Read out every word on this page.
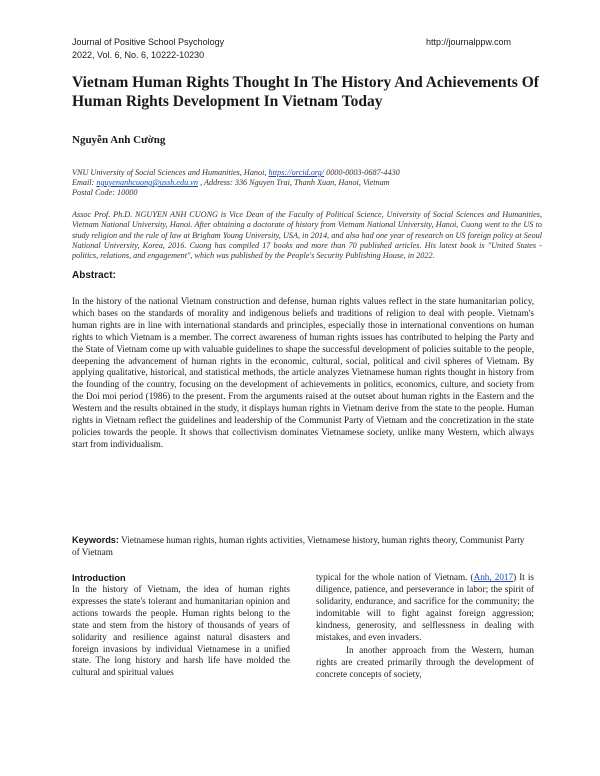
Journal of Positive School Psychology
2022, Vol. 6, No. 6, 10222-10230
http://journalppw.com
Vietnam Human Rights Thought In The History And Achievements Of Human Rights Development In Vietnam Today
Nguyễn Anh Cường
VNU University of Social Sciences and Humanities, Hanoi, https://orcid.org/ 0000-0003-0687-4430
Email: nguyenanhcuong@ussh.edu.vn , Address: 336 Nguyen Trai, Thanh Xuan, Hanoi, Vietnam
Postal Code: 10000
Assoc Prof. Ph.D. NGUYEN ANH CUONG is Vice Dean of the Faculty of Political Science, University of Social Sciences and Humanities, Vietnam National University, Hanoi. After obtaining a doctorate of history from Vietnam National University, Hanoi, Cuong went to the US to study religion and the rule of law at Brigham Young University, USA, in 2014, and also had one year of research on US foreign policy at Seoul National University, Korea, 2016. Cuong has compiled 17 books and more than 70 published articles. His latest book is "United States - politics, relations, and engagement", which was published by the People's Security Publishing House, in 2022.
Abstract:
In the history of the national Vietnam construction and defense, human rights values reflect in the state humanitarian policy, which bases on the standards of morality and indigenous beliefs and traditions of religion to deal with people. Vietnam's human rights are in line with international standards and principles, especially those in international conventions on human rights to which Vietnam is a member. The correct awareness of human rights issues has contributed to helping the Party and the State of Vietnam come up with valuable guidelines to shape the successful development of policies suitable to the people, deepening the advancement of human rights in the economic, cultural, social, political and civil spheres of Vietnam. By applying qualitative, historical, and statistical methods, the article analyzes Vietnamese human rights thought in history from the founding of the country, focusing on the development of achievements in politics, economics, culture, and society from the Doi moi period (1986) to the present. From the arguments raised at the outset about human rights in the Eastern and the Western and the results obtained in the study, it displays human rights in Vietnam derive from the state to the people. Human rights in Vietnam reflect the guidelines and leadership of the Communist Party of Vietnam and the concretization in the state policies towards the people. It shows that collectivism dominates Vietnamese society, unlike many Western, which always start from individualism.
Keywords: Vietnamese human rights, human rights activities, Vietnamese history, human rights theory, Communist Party of Vietnam
Introduction
In the history of Vietnam, the idea of human rights expresses the state's tolerant and humanitarian opinion and actions towards the people. Human rights belong to the state and stem from the history of thousands of years of solidarity and resilience against natural disasters and foreign invasions by individual Vietnamese in a unified state. The long history and harsh life have molded the cultural and spiritual values

typical for the whole nation of Vietnam. (Anh, 2017) It is diligence, patience, and perseverance in labor; the spirit of solidarity, endurance, and sacrifice for the community; the indomitable will to fight against foreign aggression; kindness, generosity, and selflessness in dealing with mistakes, and even invaders.

In another approach from the Western, human rights are created primarily through the development of concrete concepts of society,
